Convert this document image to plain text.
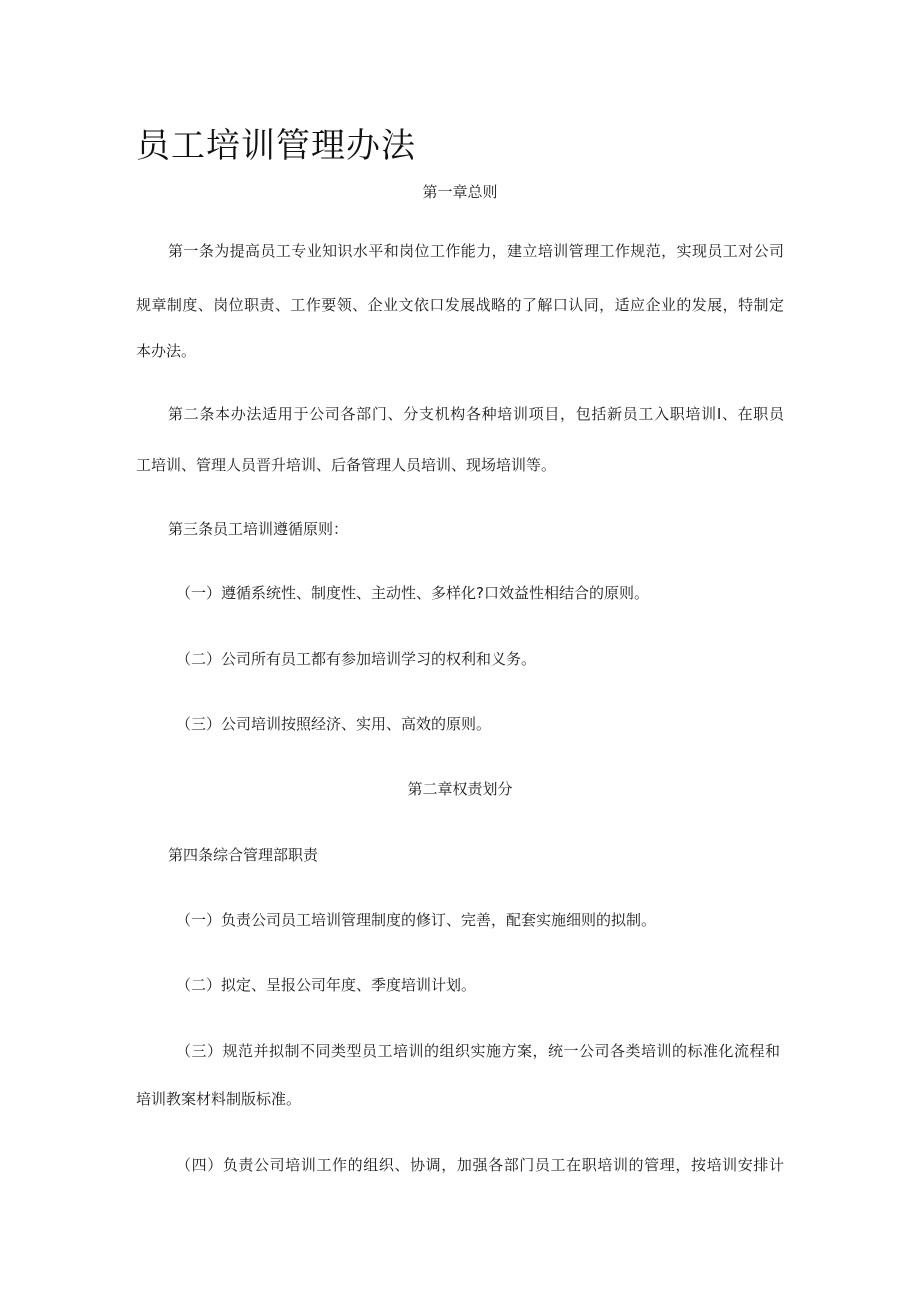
员工培训管理办法
第一章总则
第一条为提高员工专业知识水平和岗位工作能力，建立培训管理工作规范，实现员工对公司
规章制度、岗位职责、工作要领、企业文依口发展战略的了解口认同，适应企业的发展，特制定
本办法。
第二条本办法适用于公司各部门、分支机构各种培训项目，包括新员工入职培训I、在职员
工培训、管理人员晋升培训、后备管理人员培训、现场培训等。
第三条员工培训遵循原则：
（一）遵循系统性、制度性、主动性、多样化?口效益性相结合的原则。
（二）公司所有员工都有参加培训学习的权利和义务。
（三）公司培训按照经济、实用、高效的原则。
第二章权责划分
第四条综合管理部职责
（一）负责公司员工培训管理制度的修订、完善，配套实施细则的拟制。
（二）拟定、呈报公司年度、季度培训计划。
（三）规范并拟制不同类型员工培训的组织实施方案，统一公司各类培训的标准化流程和
培训教案材料制版标准。
（四）负责公司培训工作的组织、协调，加强各部门员工在职培训的管理，按培训安排计
